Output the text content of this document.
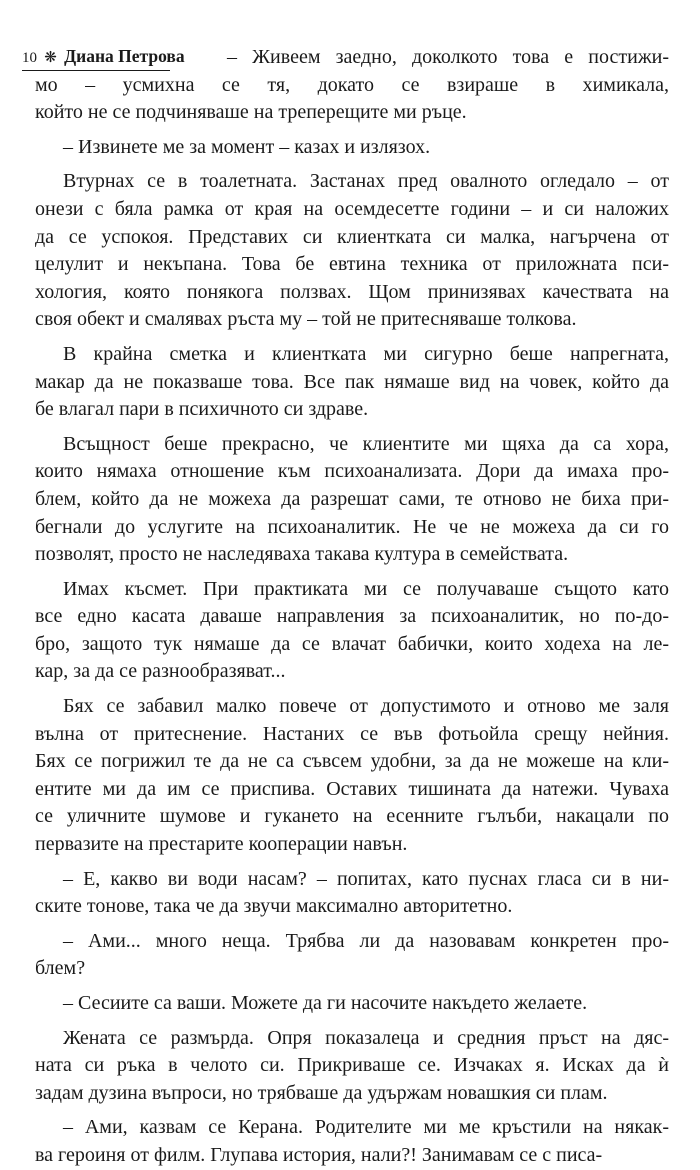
10 ❋ Диана Петрова	– Живеем заедно, доколкото това е постижи-
мо – усмихна се тя, докато се взираше в химикала,
който не се подчиняваше на треперещите ми ръце.
– Извинете ме за момент – казах и излязох.
Втурнах се в тоалетната. Застанах пред овалното огледало – от
онези с бяла рамка от края на осемдесетте години – и си наложих
да се успокоя. Представих си клиентката си малка, нагърчена от
целулит и некъпана. Това бе евтина техника от приложната пси-
хология, която понякога ползвах. Щом принизявах качествата на
своя обект и смалявах ръста му – той не притесняваше толкова.
В крайна сметка и клиентката ми сигурно беше напрегната,
макар да не показваше това. Все пак нямаше вид на човек, който да
бе влагал пари в психичното си здраве.
Всъщност беше прекрасно, че клиентите ми щяха да са хора,
които нямаха отношение към психоанализата. Дори да имаха про-
блем, който да не можеха да разрешат сами, те отново не биха при-
бегнали до услугите на психоаналитик. Не че не можеха да си го
позволят, просто не наследяваха такава култура в семействата.
Имах късмет. При практиката ми се получаваше същото като
все едно касата даваше направления за психоаналитик, но по-до-
бро, защото тук нямаше да се влачат бабички, които ходеха на ле-
кар, за да се разнообразяват...
Бях се забавил малко повече от допустимото и отново ме заля
вълна от притеснение. Настаних се във фотьойла срещу нейния.
Бях се погрижил те да не са съвсем удобни, за да не можеше на кли-
ентите ми да им се приспива. Оставих тишината да натежи. Чуваха
се уличните шумове и гукането на есенните гълъби, накацали по
первазите на престарите кооперации навън.
– Е, какво ви води насам? – попитах, като пуснах гласа си в ни-
ските тонове, така че да звучи максимално авторитетно.
– Ами... много неща. Трябва ли да назовавам конкретен про-
блем?
– Сесиите са ваши. Можете да ги насочите накъдето желаете.
Жената се размърда. Опря показалеца и средния пръст на дяс-
ната си ръка в челото си. Прикриваше се. Изчаках я. Исках да ѝ
задам дузина въпроси, но трябваше да удържам новашкия си плам.
– Ами, казвам се Керана. Родителите ми ме кръстили на някак-
ва героиня от филм. Глупава история, нали?! Занимавам се с писа-
